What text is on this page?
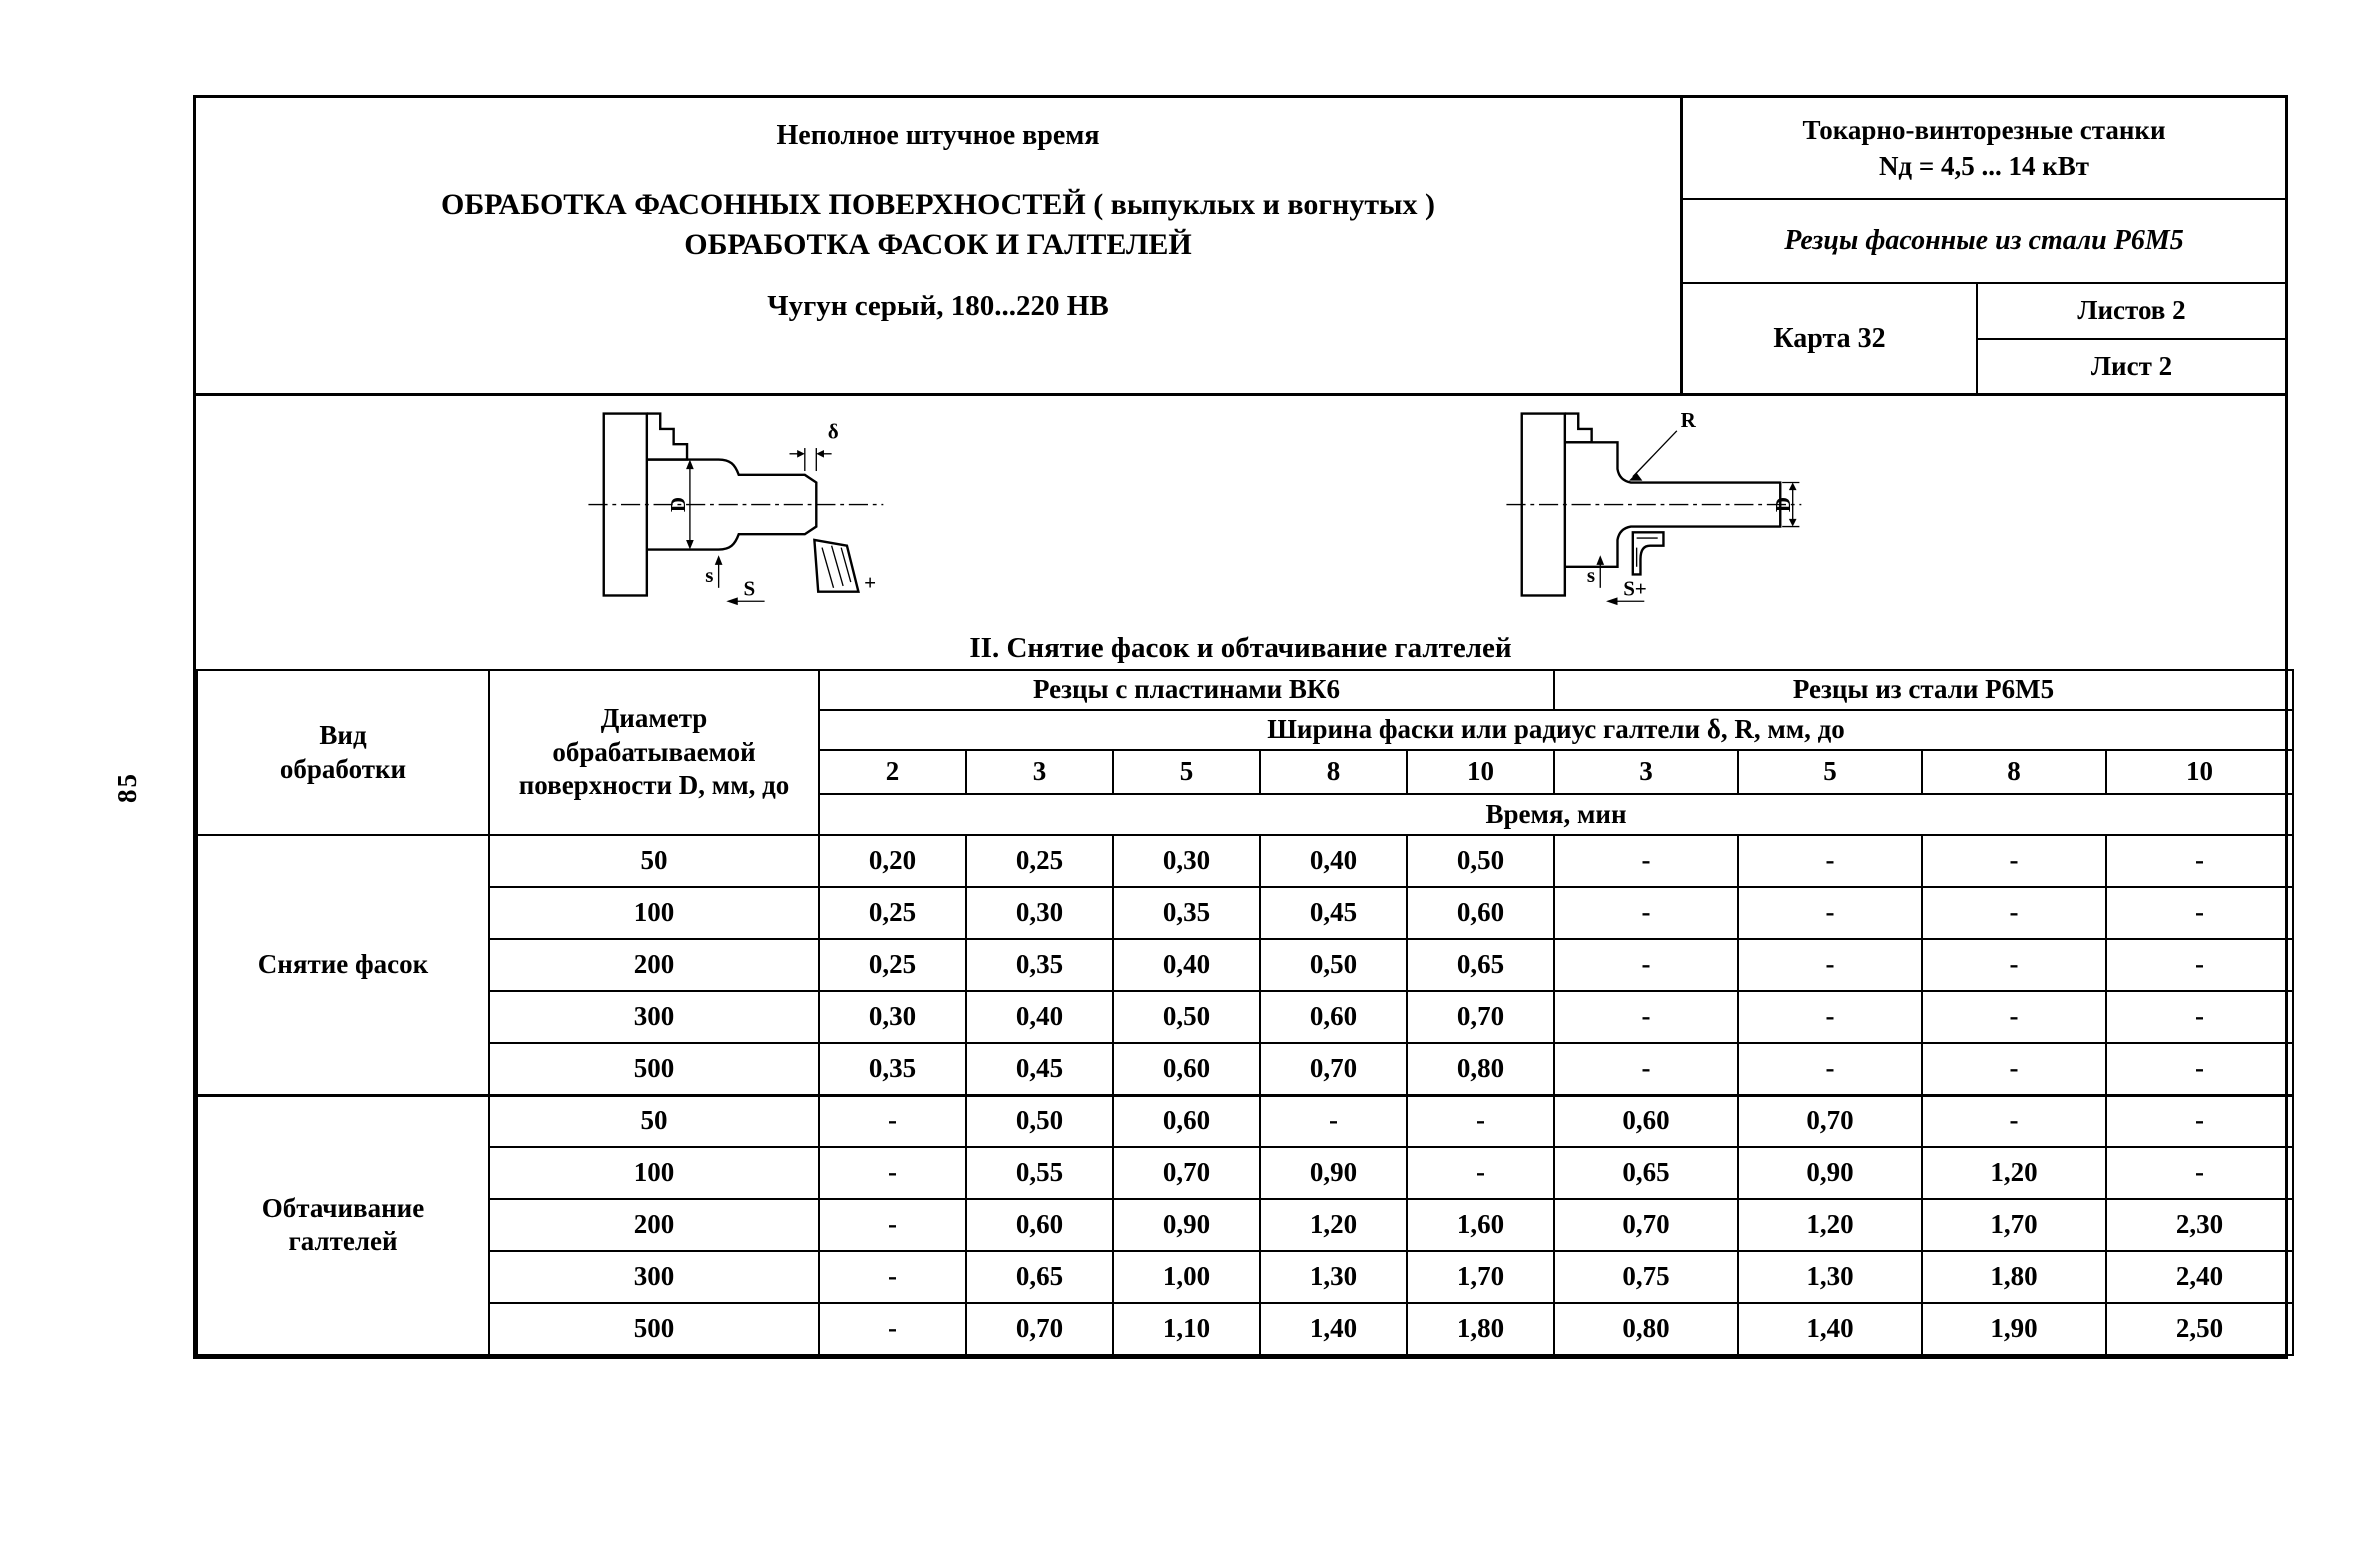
85
Неполное штучное время
ОБРАБОТКА ФАСОННЫХ ПОВЕРХНОСТЕЙ ( выпуклых и вогнутых )
ОБРАБОТКА ФАСОК И ГАЛТЕЛЕЙ
Чугун серый, 180...220 НВ
Токарно-винторезные станки
Nд = 4,5 ... 14 кВт
Резцы фасонные из стали Р6М5
Карта 32
Листов 2
Лист 2
D
δ
+
s
S
R
D
+
s
S
II. Снятие фасок и обтачивание галтелей
Вид обработки	Диаметр обрабатываемой поверхности D, мм, до	Резцы с пластинами ВК6					Резцы из стали Р6М5			
		Ширина фаски или радиус галтели δ, R, мм, до								
		2	3	5	8	10	3	5	8	10
		Время, мин								
Снятие фасок	50	0,20	0,25	0,30	0,40	0,50	-	-	-	-
	100	0,25	0,30	0,35	0,45	0,60	-	-	-	-
	200	0,25	0,35	0,40	0,50	0,65	-	-	-	-
	300	0,30	0,40	0,50	0,60	0,70	-	-	-	-
	500	0,35	0,45	0,60	0,70	0,80	-	-	-	-
Обтачивание галтелей	50	-	0,50	0,60	-	-	0,60	0,70	-	-
	100	-	0,55	0,70	0,90	-	0,65	0,90	1,20	-
	200	-	0,60	0,90	1,20	1,60	0,70	1,20	1,70	2,30
	300	-	0,65	1,00	1,30	1,70	0,75	1,30	1,80	2,40
	500	-	0,70	1,10	1,40	1,80	0,80	1,40	1,90	2,50
